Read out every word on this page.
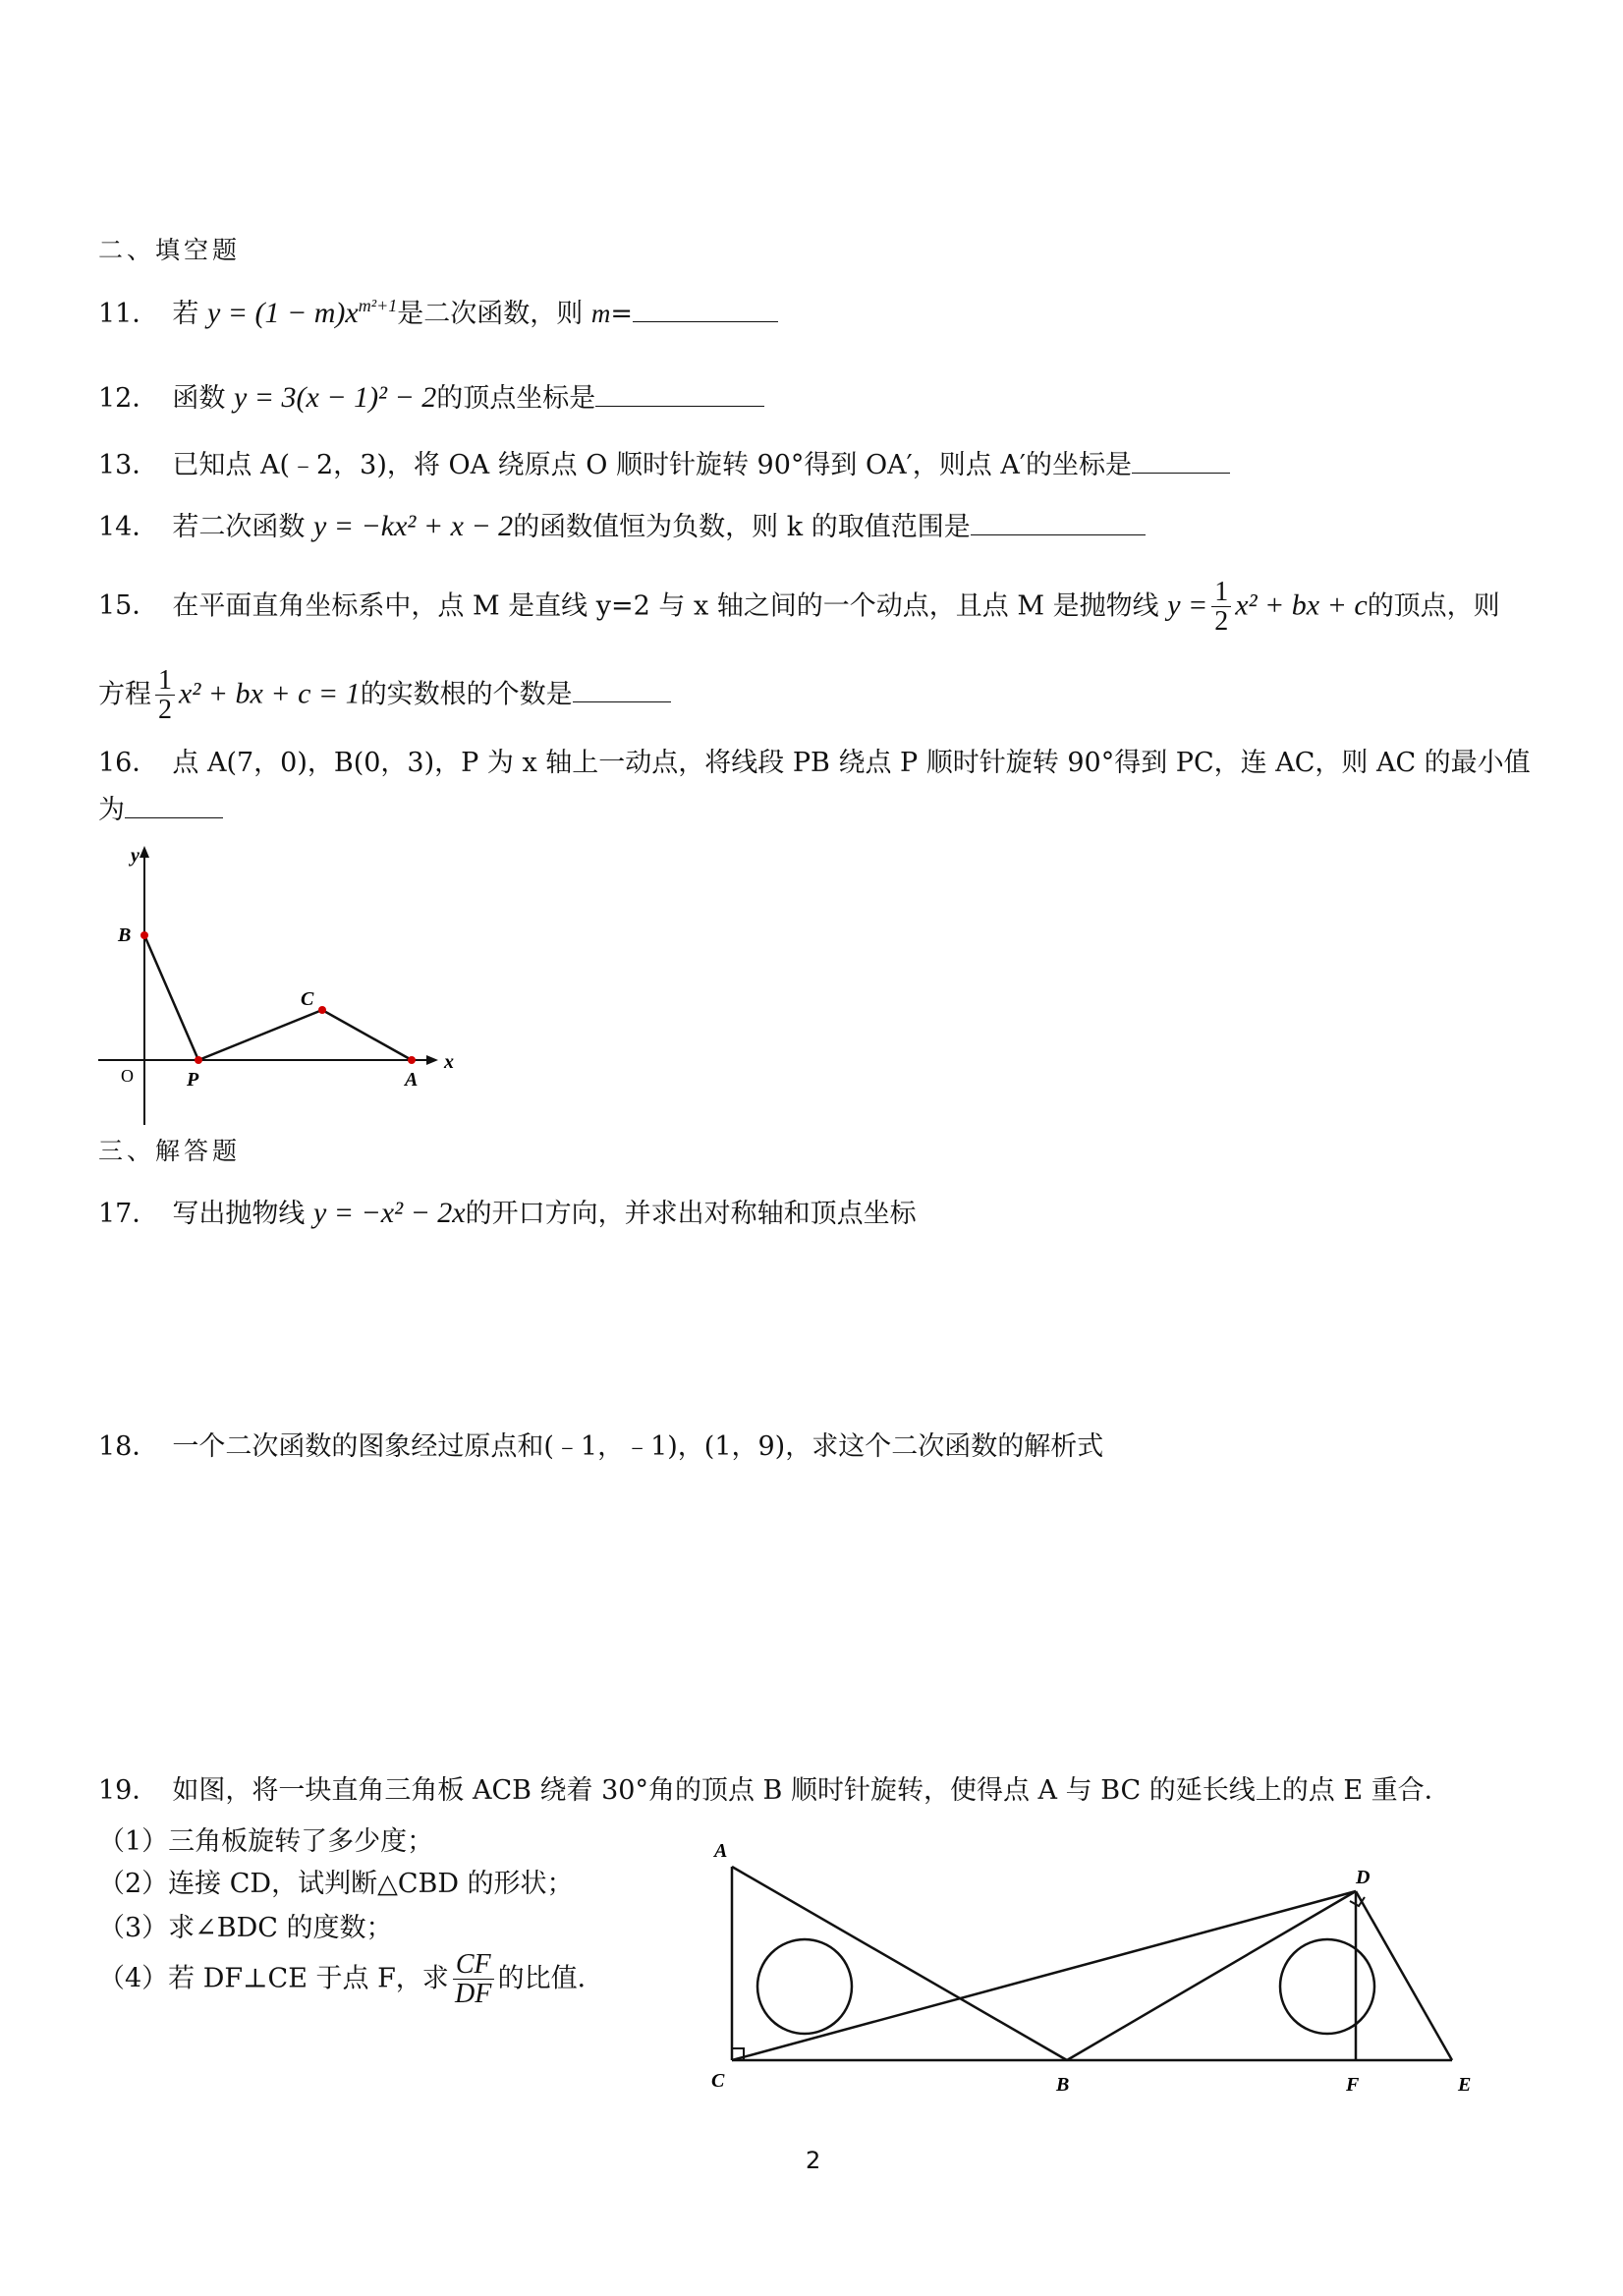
二、填空题
11． 若 $y = (1 - m)x^{m^2+1}$是二次函数，则 m=
12． 函数 y = 3(x − 1)² − 2的顶点坐标是
13． 已知点 A(﹣2，3)，将 OA 绕原点 O 顺时针旋转 90°得到 OA′，则点 A′的坐标是
14． 若二次函数 y = −kx² + x − 2的函数值恒为负数，则 k 的取值范围是
15． 在平面直角坐标系中，点 M 是直线 y=2 与 x 轴之间的一个动点，且点 M 是抛物线 $y = \frac{1}{2} x^2$ + bx + c的顶点，则
方程 $\frac{1}{2} x^2$ + bx + c = 1的实数根的个数是
16． 点 A(7，0)，B(0，3)，P 为 x 轴上一动点，将线段 PB 绕点 P 顺时针旋转 90°得到 PC，连 AC，则 AC 的最小值
为
y
x
B
C
O	P	A
三、解答题
17． 写出抛物线 y = −x² − 2x的开口方向，并求出对称轴和顶点坐标
18． 一个二次函数的图象经过原点和(﹣1，﹣1)，(1，9)，求这个二次函数的解析式
19． 如图，将一块直角三角板 ACB 绕着 30°角的顶点 B 顺时针旋转，使得点 A 与 BC 的延长线上的点 E 重合．
（1）三角板旋转了多少度；
（2）连接 CD，试判断△CBD 的形状；
（3）求∠BDC 的度数；
（4）若 DF⊥CE 于点 F，求 $\frac{CF}{DF}$ 的比值．
A
D
C	B	F	E
2
